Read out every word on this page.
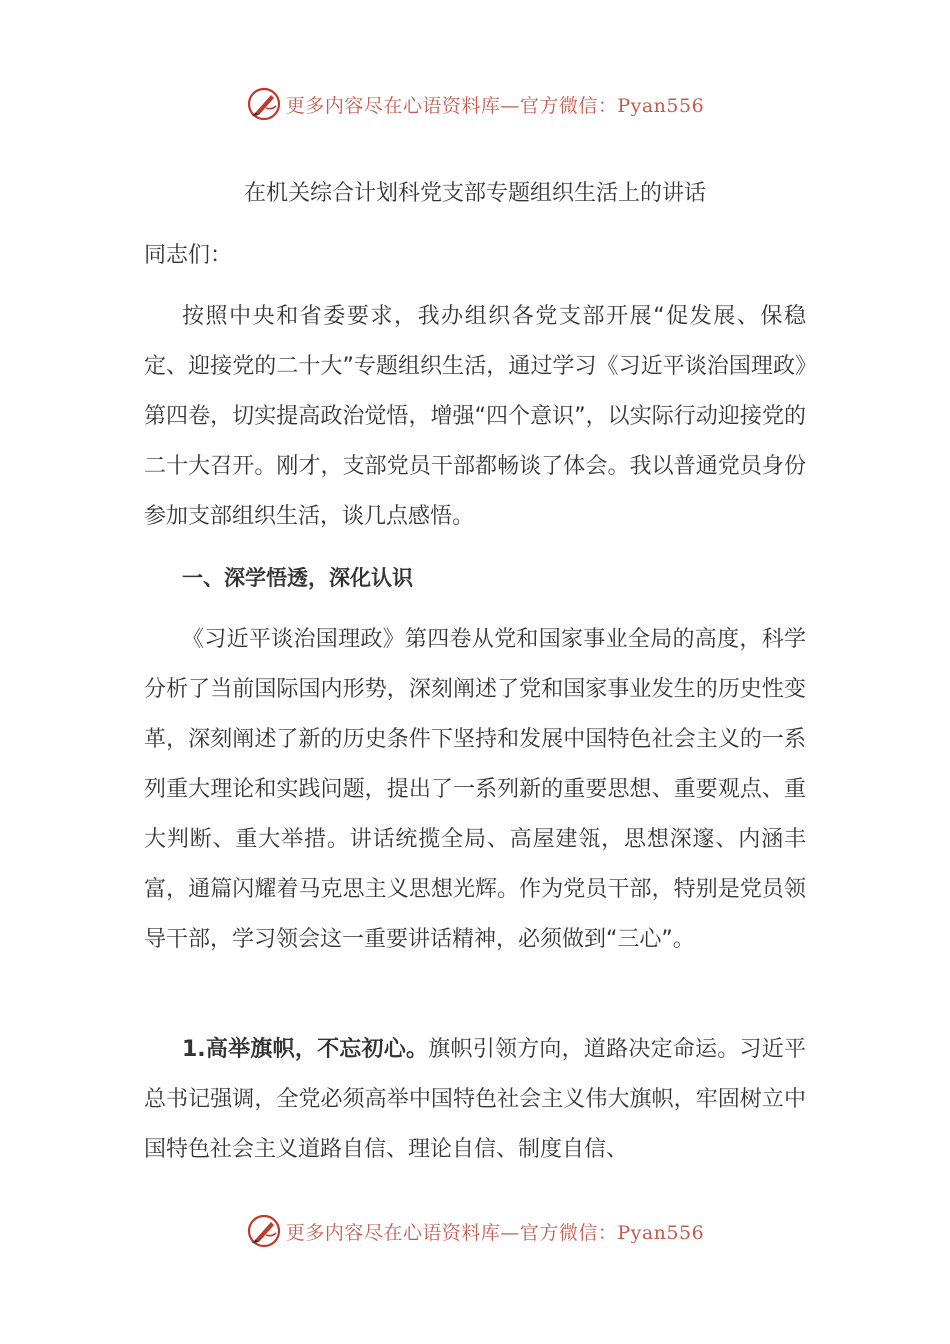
更多内容尽在心语资料库—官方微信：Pyan556
在机关综合计划科党支部专题组织生活上的讲话
同志们：

按照中央和省委要求，我办组织各党支部开展“促发展、保稳定、迎接党的二十大”专题组织生活，通过学习《习近平谈治国理政》第四卷，切实提高政治觉悟，增强“四个意识”，以实际行动迎接党的二十大召开。刚才，支部党员干部都畅谈了体会。我以普通党员身份参加支部组织生活，谈几点感悟。

一、深学悟透，深化认识

《习近平谈治国理政》第四卷从党和国家事业全局的高度，科学分析了当前国际国内形势，深刻阐述了党和国家事业发生的历史性变革，深刻阐述了新的历史条件下坚持和发展中国特色社会主义的一系列重大理论和实践问题，提出了一系列新的重要思想、重要观点、重大判断、重大举措。讲话统揽全局、高屋建瓴，思想深邃、内涵丰富，通篇闪耀着马克思主义思想光辉。作为党员干部，特别是党员领导干部，学习领会这一重要讲话精神，必须做到“三心”。

1.高举旗帜，不忘初心。旗帜引领方向，道路决定命运。习近平总书记强调，全党必须高举中国特色社会主义伟大旗帜，牢固树立中国特色社会主义道路自信、理论自信、制度自信、

更多内容尽在心语资料库—官方微信：Pyan556
